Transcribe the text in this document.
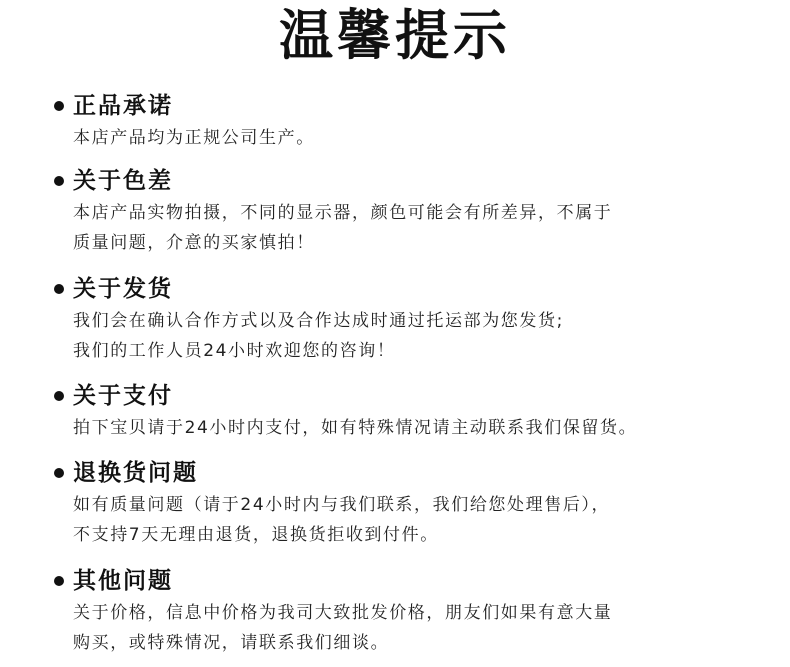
温馨提示
正品承诺
本店产品均为正规公司生产。
关于色差
本店产品实物拍摄，不同的显示器，颜色可能会有所差异，不属于
质量问题，介意的买家慎拍！
关于发货
我们会在确认合作方式以及合作达成时通过托运部为您发货;
我们的工作人员24小时欢迎您的咨询！
关于支付
拍下宝贝请于24小时内支付，如有特殊情况请主动联系我们保留货。
退换货问题
如有质量问题（请于24小时内与我们联系，我们给您处理售后），
不支持7天无理由退货，退换货拒收到付件。
其他问题
关于价格，信息中价格为我司大致批发价格，朋友们如果有意大量
购买，或特殊情况，请联系我们细谈。
